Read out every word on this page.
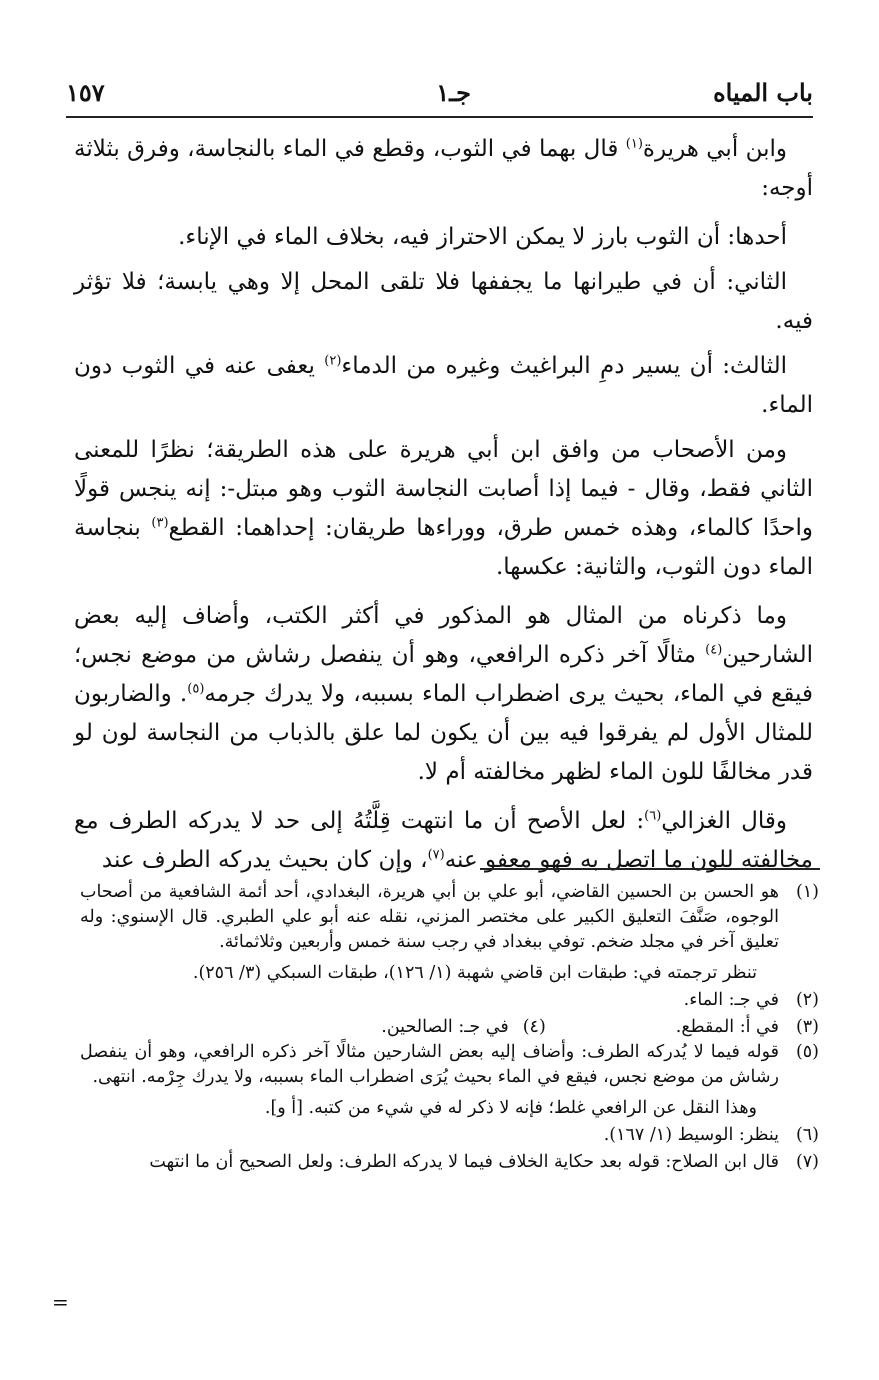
باب المياه
جـ١
١٥٧

وابن أبي هريرة$^{(١)}$ قال بهما في الثوب، وقطع في الماء بالنجاسة، وفرق بثلاثة أوجه:

أحدها: أن الثوب بارز لا يمكن الاحتراز فيه، بخلاف الماء في الإناء.

الثاني: أن في طيرانها ما يجففها فلا تلقى المحل إلا وهي يابسة؛ فلا تؤثر فيه.

الثالث: أن يسير دمِ البراغيث وغيره من الدماء$^{(٢)}$ يعفى عنه في الثوب دون الماء.

ومن الأصحاب من وافق ابن أبي هريرة على هذه الطريقة؛ نظرًا للمعنى الثاني فقط، وقال - فيما إذا أصابت النجاسة الثوب وهو مبتل-: إنه ينجس قولًا واحدًا كالماء، وهذه خمس طرق، ووراءها طريقان: إحداهما: القطع$^{(٣)}$ بنجاسة الماء دون الثوب، والثانية: عكسها.

وما ذكرناه من المثال هو المذكور في أكثر الكتب، وأضاف إليه بعض الشارحين$^{(٤)}$ مثالًا آخر ذكره الرافعي، وهو أن ينفصل رشاش من موضع نجس؛ فيقع في الماء، بحيث يرى اضطراب الماء بسببه، ولا يدرك جرمه$^{(٥)}$. والضاربون للمثال الأول لم يفرقوا فيه بين أن يكون لما علق بالذباب من النجاسة لون لو قدر مخالفًا للون الماء لظهر مخالفته أم لا.

وقال الغزالي$^{(٦)}$: لعل الأصح أن ما انتهت قِلَّتُهُ إلى حد لا يدركه الطرف مع مخالفته للون ما اتصل به فهو معفو عنه$^{(٧)}$، وإن كان بحيث يدركه الطرف عند

(١)

هو الحسن بن الحسين القاضي، أبو علي بن أبي هريرة، البغدادي، أحد أئمة الشافعية من أصحاب الوجوه، صَنَّفَ التعليق الكبير على مختصر المزني، نقله عنه أبو علي الطبري. قال الإسنوي: وله تعليق آخر في مجلد ضخم. توفي ببغداد في رجب سنة خمس وأربعين وثلاثمائة.

تنظر ترجمته في: طبقات ابن قاضي شهبة (١/ ١٢٦)، طبقات السبكي (٣/ ٢٥٦).

(٢)
في جـ: الماء.
(٣)
في أ: المقطع.
(٤)
في جـ: الصالحين.
(٥)

قوله فيما لا يُدركه الطرف: وأضاف إليه بعض الشارحين مثالًا آخر ذكره الرافعي، وهو أن ينفصل رشاش من موضع نجس، فيقع في الماء بحيث يُرَى اضطراب الماء بسببه، ولا يدرك جِرْمه. انتهى.

وهذا النقل عن الرافعي غلط؛ فإنه لا ذكر له في شيء من كتبه. [أ و].

(٦)
ينظر: الوسيط (١/ ١٦٧).
(٧)
قال ابن الصلاح: قوله بعد حكاية الخلاف فيما لا يدركه الطرف: ولعل الصحيح أن ما انتهت
=
